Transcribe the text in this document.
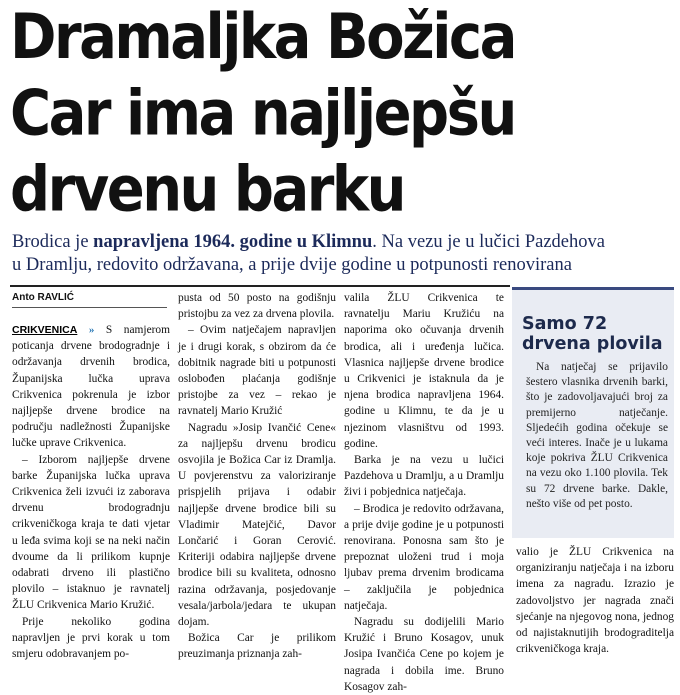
Dramaljka Božica
Car ima najljepšu
drvenu barku
Brodica je napravljena 1964. godine u Klimnu. Na vezu je u lučici Pazdehova
u Dramlju, redovito održavana, a prije dvije godine u potpunosti renovirana
Anto RAVLIĆ

CRIKVENICA » S namjerom poticanja drvene brodogradnje i održavanja drvenih brodica, Županijska lučka uprava Crikvenica pokrenula je izbor najljepše drvene brodice na području nadležnosti Županijske lučke uprave Crikvenica.

– Izborom najljepše drvene barke Županijska lučka uprava Crikvenica želi izvući iz zaborava drvenu brodogradnju crikveničkoga kraja te dati vjetar u leđa svima koji se na neki način dvoume da li prilikom kupnje odabrati drveno ili plastično plovilo – istaknuo je ravnatelj ŽLU Crikvenica Mario Kružić.

Prije nekoliko godina napravljen je prvi korak u tom smjeru odobravanjem po-

pusta od 50 posto na godišnju pristojbu za vez za drvena plovila.

– Ovim natječajem napravljen je i drugi korak, s obzirom da će dobitnik nagrade biti u potpunosti oslobođen plaćanja godišnje pristojbe za vez – rekao je ravnatelj Mario Kružić

Nagradu »Josip Ivančić Cene« za najljepšu drvenu brodicu osvojila je Božica Car iz Dramlja. U povjerenstvu za valoriziranje prispjelih prijava i odabir najljepše drvene brodice bili su Vladimir Matejčić, Davor Lončarić i Goran Cerović. Kriteriji odabira najljepše drvene brodice bili su kvaliteta, odnosno razina održavanja, posjedovanje vesala/jarbola/jedara te ukupan dojam.

Božica Car je prilikom preuzimanja priznanja zah-

valila ŽLU Crikvenica te ravnatelju Mariu Kružiću na naporima oko očuvanja drvenih brodica, ali i uređenja lučica. Vlasnica najljepše drvene brodice u Crikvenici je istaknula da je njena brodica napravljena 1964. godine u Klimnu, te da je u njezinom vlasništvu od 1993. godine.

Barka je na vezu u lučici Pazdehova u Dramlju, a u Dramlju živi i pobjednica natječaja.

– Brodica je redovito održavana, a prije dvije godine je u potpunosti renovirana. Ponosna sam što je prepoznat uloženi trud i moja ljubav prema drvenim brodicama – zaključila je pobjednica natječaja.

Nagradu su dodijelili Mario Kružić i Bruno Kosagov, unuk Josipa Ivančića Cene po kojem je nagrada i dobila ime. Bruno Kosagov zah-

Samo 72
drvena plovila

Na natječaj se prijavilo šestero vlasnika drvenih barki, što je zadovoljavajući broj za premijerno natječanje. Sljedećih godina očekuje se veći interes. Inače je u lukama koje pokriva ŽLU Crikvenica na vezu oko 1.100 plovila. Tek su 72 drvene barke. Dakle, nešto više od pet posto.

valio je ŽLU Crikvenica na organiziranju natječaja i na izboru imena za nagradu. Izrazio je zadovoljstvo jer nagrada znači sjećanje na njegovog nona, jednog od najistaknutijih brodograditelja crikveničkoga kraja.
